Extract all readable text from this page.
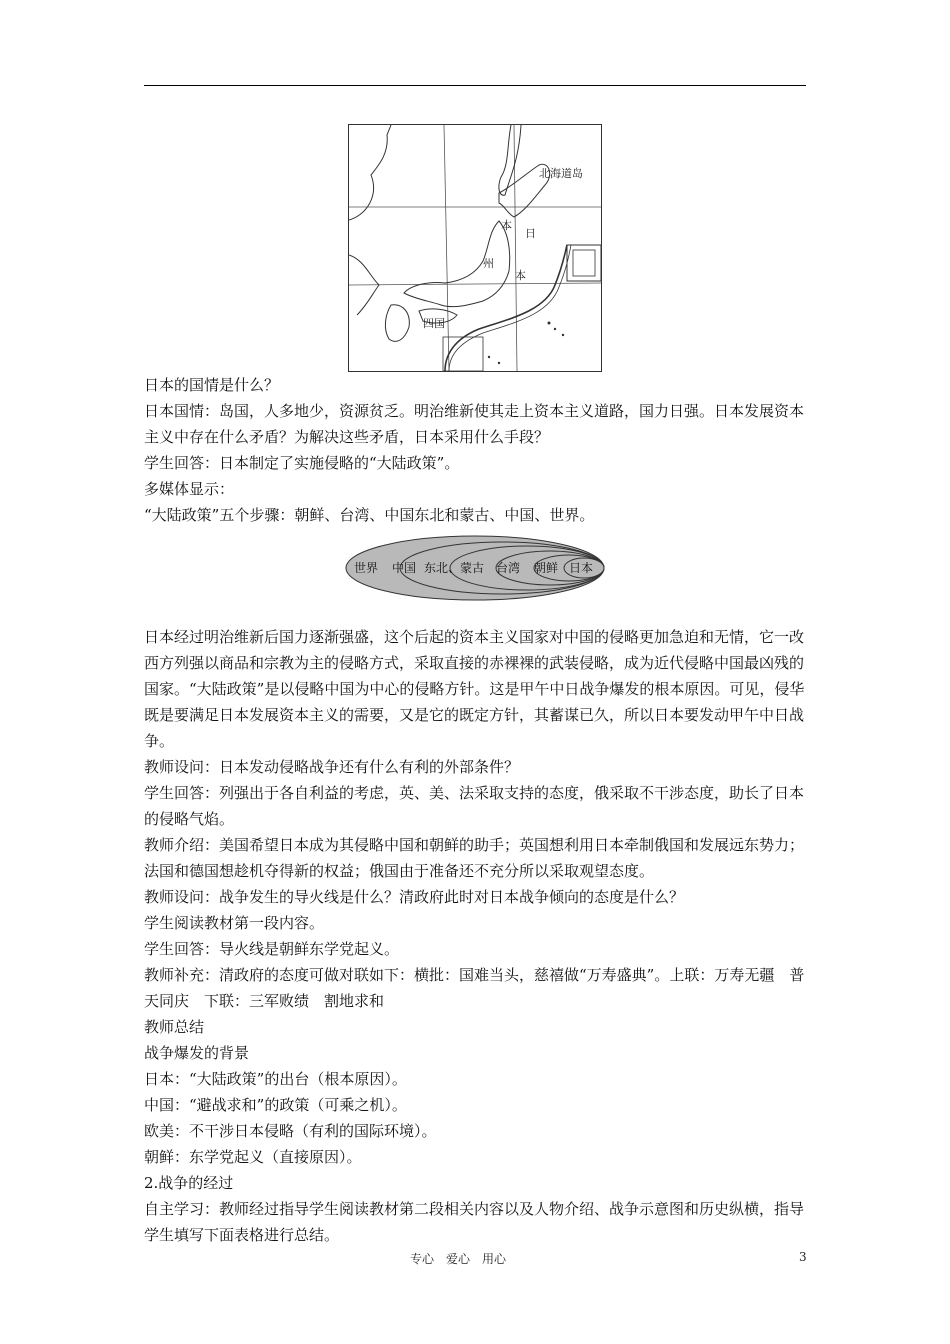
北海道岛
本
日
州
本
四国

日本的国情是什么？

日本国情：岛国，人多地少，资源贫乏。明治维新使其走上资本主义道路，国力日强。日本发展资本主义中存在什么矛盾？为解决这些矛盾，日本采用什么手段？

学生回答：日本制定了实施侵略的“大陆政策”。

多媒体显示：

“大陆政策”五个步骤：朝鲜、台湾、中国东北和蒙古、中国、世界。

世界 中国 东北、蒙古 台湾 朝鲜 日本

日本经过明治维新后国力逐渐强盛，这个后起的资本主义国家对中国的侵略更加急迫和无情，它一改西方列强以商品和宗教为主的侵略方式，采取直接的赤裸裸的武装侵略，成为近代侵略中国最凶残的国家。“大陆政策”是以侵略中国为中心的侵略方针。这是甲午中日战争爆发的根本原因。可见，侵华既是要满足日本发展资本主义的需要，又是它的既定方针，其蓄谋已久，所以日本要发动甲午中日战争。

教师设问：日本发动侵略战争还有什么有利的外部条件？

学生回答：列强出于各自利益的考虑，英、美、法采取支持的态度，俄采取不干涉态度，助长了日本的侵略气焰。

教师介绍：美国希望日本成为其侵略中国和朝鲜的助手；英国想利用日本牵制俄国和发展远东势力；法国和德国想趁机夺得新的权益；俄国由于准备还不充分所以采取观望态度。

教师设问：战争发生的导火线是什么？清政府此时对日本战争倾向的态度是什么？

学生阅读教材第一段内容。

学生回答：导火线是朝鲜东学党起义。

教师补充：清政府的态度可做对联如下：横批：国难当头，慈禧做“万寿盛典”。上联：万寿无疆　普天同庆　下联：三军败绩　割地求和

教师总结

战争爆发的背景

日本：“大陆政策”的出台（根本原因）。

中国：“避战求和”的政策（可乘之机）。

欧美：不干涉日本侵略（有利的国际环境）。

朝鲜：东学党起义（直接原因）。

2.战争的经过

自主学习：教师经过指导学生阅读教材第二段相关内容以及人物介绍、战争示意图和历史纵横，指导学生填写下面表格进行总结。

专心　爱心　用心	3
